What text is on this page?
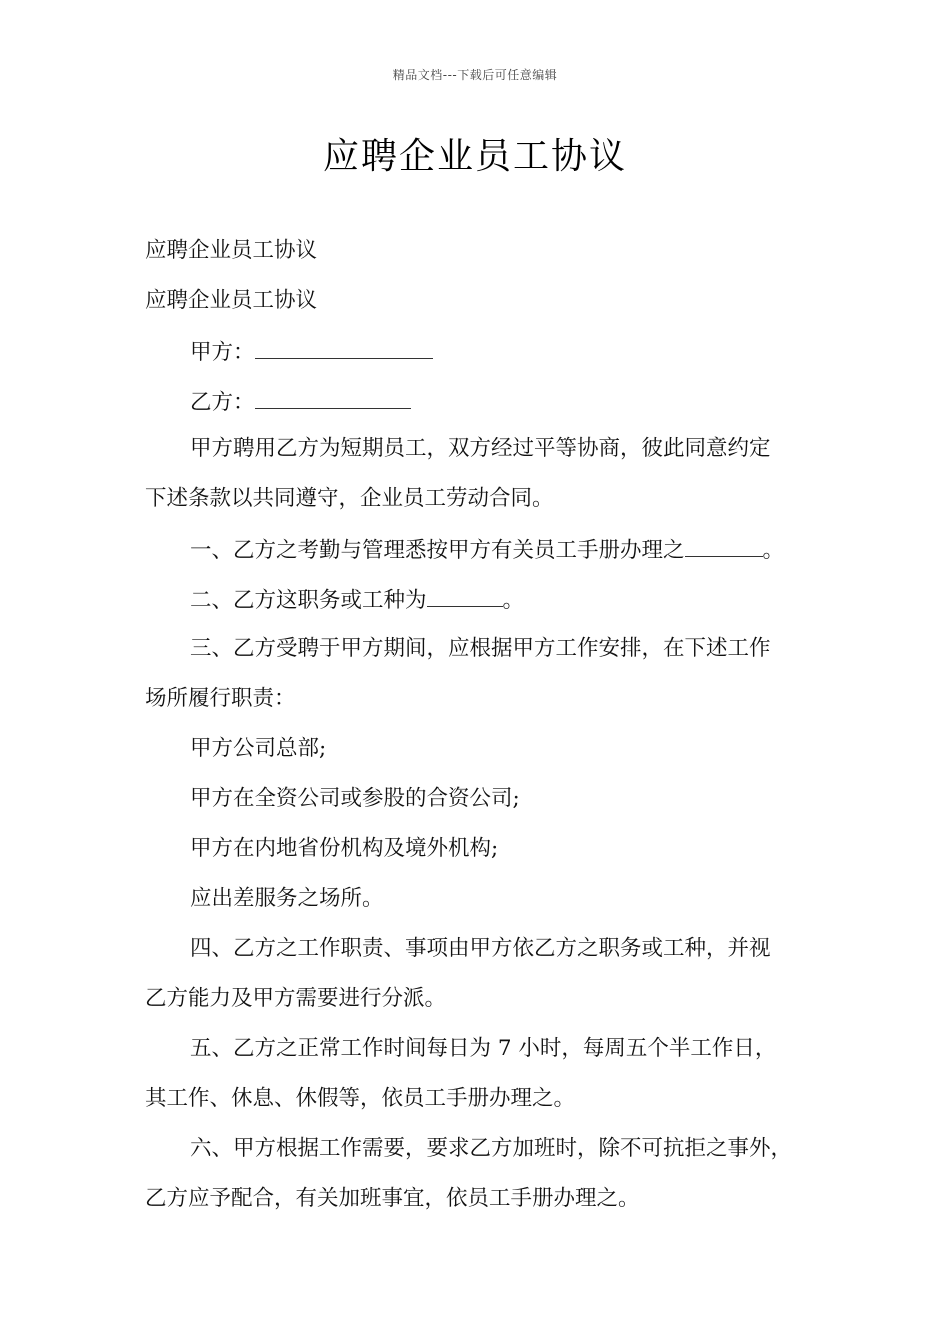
精品文档---下载后可任意编辑
应聘企业员工协议
应聘企业员工协议
应聘企业员工协议
甲方：
乙方：
甲方聘用乙方为短期员工，双方经过平等协商，彼此同意约定
下述条款以共同遵守，企业员工劳动合同。
一、乙方之考勤与管理悉按甲方有关员工手册办理之	。
二、乙方这职务或工种为	。
三、乙方受聘于甲方期间，应根据甲方工作安排，在下述工作
场所履行职责：
甲方公司总部;
甲方在全资公司或参股的合资公司;
甲方在内地省份机构及境外机构;
应出差服务之场所。
四、乙方之工作职责、事项由甲方依乙方之职务或工种，并视
乙方能力及甲方需要进行分派。
五、乙方之正常工作时间每日为 7 小时，每周五个半工作日，
其工作、休息、休假等，依员工手册办理之。
六、甲方根据工作需要，要求乙方加班时，除不可抗拒之事外，
乙方应予配合，有关加班事宜，依员工手册办理之。
